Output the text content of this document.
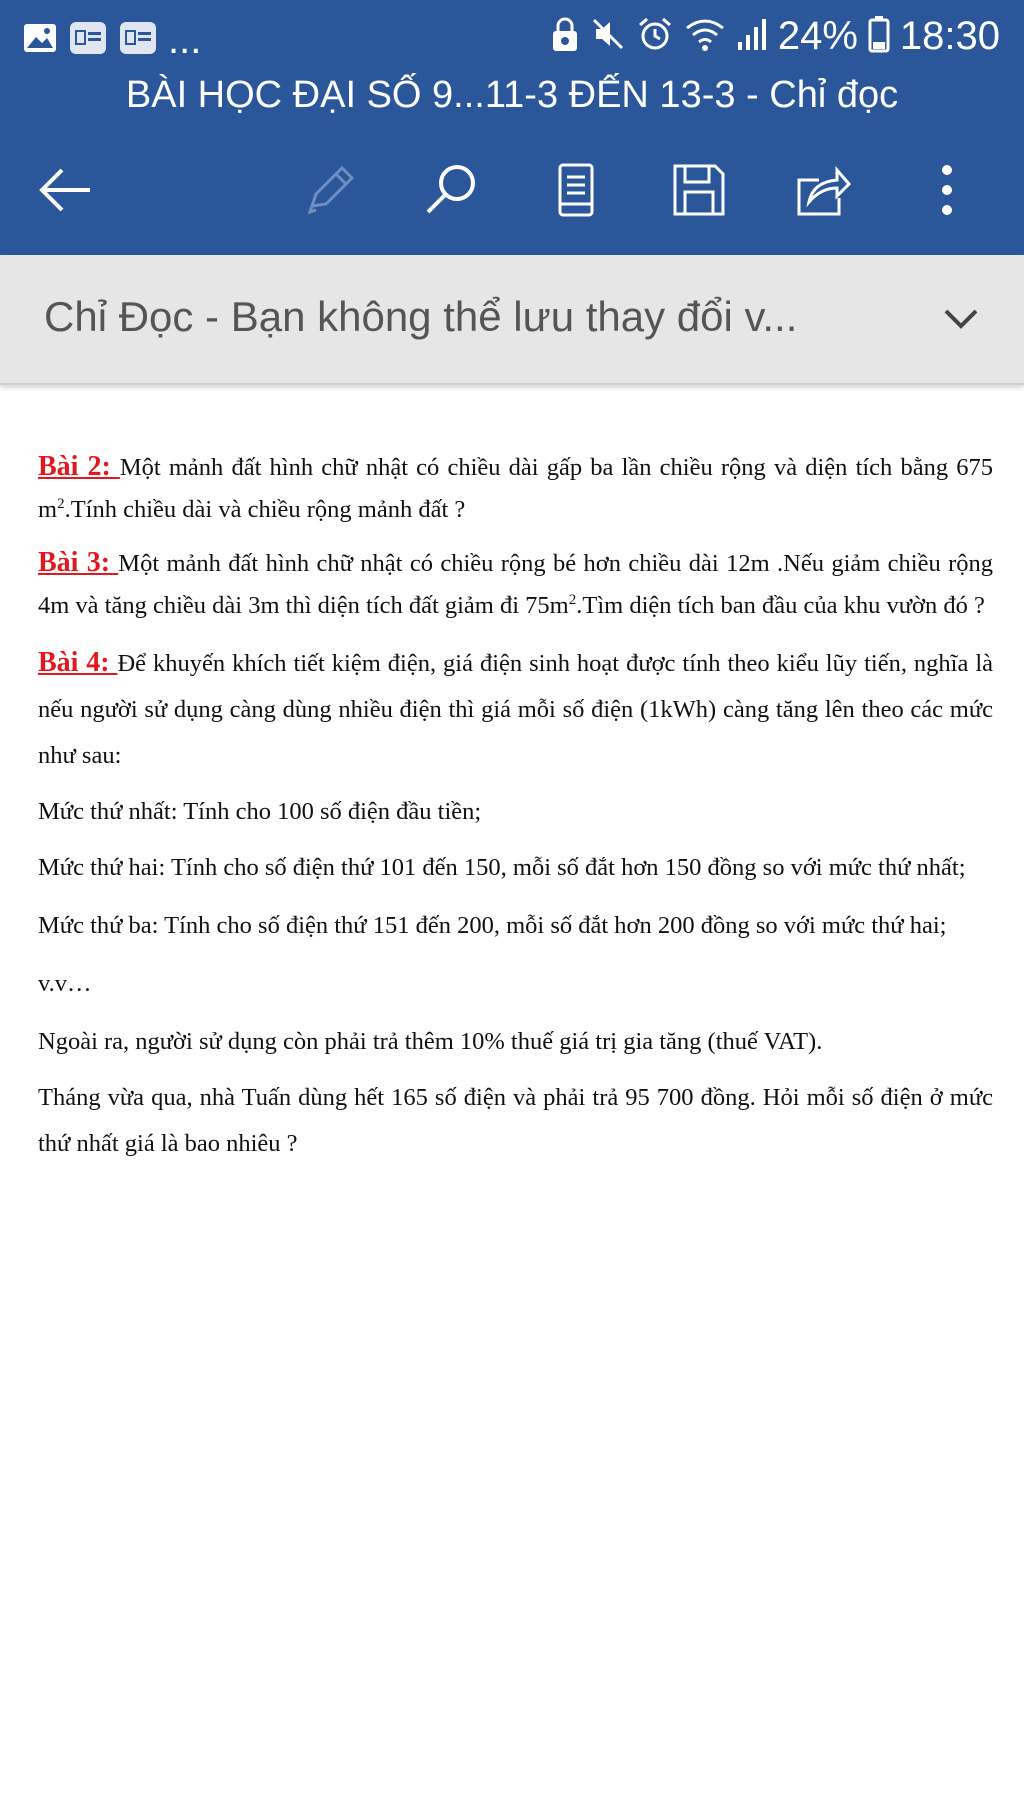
...	24% 18:30
BÀI HỌC ĐẠI SỐ 9...11-3 ĐẾN 13-3 - Chỉ đọc
Chỉ Đọc - Bạn không thể lưu thay đổi v...

Bài 2: Một mảnh đất hình chữ nhật có chiều dài gấp ba lần chiều rộng và diện tích bằng 675 $m^2.Tính$ chiều dài và chiều rộng mảnh đất ?

Bài 3: Một mảnh đất hình chữ nhật có chiều rộng bé hơn chiều dài 12m .Nếu giảm chiều rộng 4m và tăng chiều dài 3m thì diện tích đất giảm đi $75m^2.Tìm$ diện tích ban đầu của khu vườn đó ?

Bài 4: Để khuyến khích tiết kiệm điện, giá điện sinh hoạt được tính theo kiểu lũy tiến, nghĩa là nếu người sử dụng càng dùng nhiều điện thì giá mỗi số điện (1kWh) càng tăng lên theo các mức như sau:

Mức thứ nhất: Tính cho 100 số điện đầu tiền;

Mức thứ hai: Tính cho số điện thứ 101 đến 150, mỗi số đắt hơn 150 đồng so với mức thứ nhất;

Mức thứ ba: Tính cho số điện thứ 151 đến 200, mỗi số đắt hơn 200 đồng so với mức thứ hai;

v.v…

Ngoài ra, người sử dụng còn phải trả thêm 10% thuế giá trị gia tăng (thuế VAT).

Tháng vừa qua, nhà Tuấn dùng hết 165 số điện và phải trả 95 700 đồng. Hỏi mỗi số điện ở mức thứ nhất giá là bao nhiêu ?
